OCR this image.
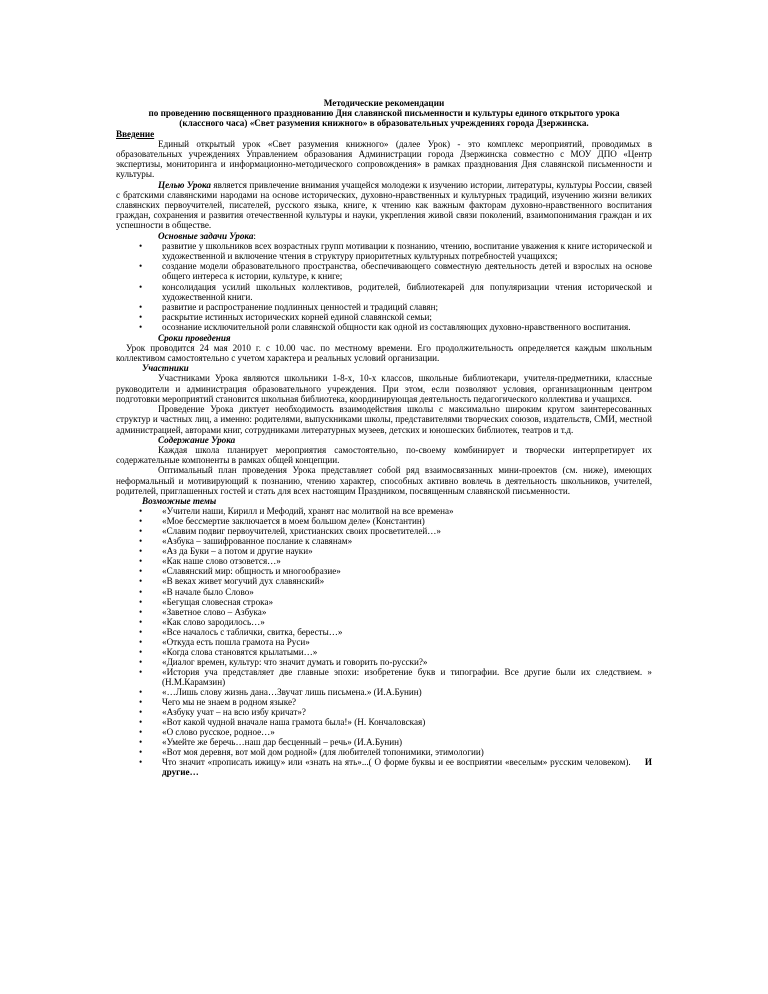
Методические рекомендации

по проведению посвященного празднованию Дня славянской письменности и культуры единого открытого урока

(классного часа) «Свет разумения книжного» в образовательных учреждениях города Дзержинска.

Введение

Единый открытый урок «Свет разумения книжного» (далее Урок) - это комплекс мероприятий, проводимых в образовательных учреждениях Управлением образования Администрации города Дзержинска совместно с МОУ ДПО «Центр экспертизы, мониторинга и информационно-методического сопровождения» в рамках празднования Дня славянской письменности и культуры.

Целью Урока является привлечение внимания учащейся молодежи к изучению истории, литературы, культуры России, связей с братскими славянскими народами на основе исторических, духовно-нравственных и культурных традиций, изучению жизни великих славянских первоучителей, писателей, русского языка, книге, к чтению как важным факторам духовно-нравственного воспитания граждан, сохранения и развития отечественной культуры и науки, укрепления живой связи поколений, взаимопонимания граждан и их успешности в обществе.

Основные задачи Урока:

• развитие у школьников всех возрастных групп мотивации к познанию, чтению, воспитание уважения к книге исторической и художественной и включение чтения в структуру приоритетных культурных потребностей учащихся;
• создание модели образовательного пространства, обеспечивающего совместную деятельность детей и взрослых на основе общего интереса к истории, культуре, к книге;
• консолидация усилий школьных коллективов, родителей, библиотекарей для популяризации чтения исторической и художественной книги.
• развитие и распространение подлинных ценностей и традиций славян;
• раскрытие истинных исторических корней единой славянской семьи;
• осознание исключительной роли славянской общности как одной из составляющих духовно-нравственного воспитания.

Сроки проведения

Урок проводится 24 мая 2010 г. с 10.00 час. по местному времени. Его продолжительность определяется каждым школьным коллективом самостоятельно с учетом характера и реальных условий организации.

Участники

Участниками Урока являются школьники 1-8-х, 10-х классов, школьные библиотекари, учителя-предметники, классные руководители и администрация образовательного учреждения. При этом, если позволяют условия, организационным центром подготовки мероприятий становится школьная библиотека, координирующая деятельность педагогического коллектива и учащихся.

Проведение Урока диктует необходимость взаимодействия школы с максимально широким кругом заинтересованных структур и частных лиц, а именно: родителями, выпускниками школы, представителями творческих союзов, издательств, СМИ, местной администрацией, авторами книг, сотрудниками литературных музеев, детских и юношеских библиотек, театров и т.д.

Содержание Урока

Каждая школа планирует мероприятия самостоятельно, по-своему комбинирует и творчески интерпретирует их содержательные компоненты в рамках общей концепции.

Оптимальный план проведения Урока представляет собой ряд взаимосвязанных мини-проектов (см. ниже), имеющих неформальный и мотивирующий к познанию, чтению характер, способных активно вовлечь в деятельность школьников, учителей, родителей, приглашенных гостей и стать для всех настоящим Праздником, посвященным славянской письменности.

Возможные темы

• «Учители наши, Кирилл и Мефодий, хранят нас молитвой на все времена»
• «Мое бессмертие заключается в моем большом деле» (Константин)
• «Славим подвиг первоучителей, христианских своих просветителей…»
• «Азбука – зашифрованное послание к славянам»
• «Аз да Буки – а потом и другие науки»
• «Как наше слово отзовется…»
• «Славянский мир: общность и многообразие»
• «В веках живет могучий дух славянский»
• «В начале было Слово»
• «Бегущая словесная строка»
• «Заветное слово – Азбука»
• «Как слово зародилось…»
• «Все началось с таблички, свитка, бересты…»
• «Откуда есть пошла грамота на Руси»
• «Когда слова становятся крылатыми…»
• «Диалог времен, культур: что значит думать и говорить по-русски?»
• «История уча представляет две главные эпохи: изобретение букв и типографии. Все другие были их следствием. » (Н.М.Карамзин)
• «…Лишь слову жизнь дана…Звучат лишь письмена.» (И.А.Бунин)
• Чего мы не знаем в родном языке?
• «Азбуку учат – на всю избу кричат»?
• «Вот какой чудной вначале наша грамота была!» (Н. Кончаловская)
• «О слово русское, родное…»
• «Умейте же беречь…наш дар бесценный – речь» (И.А.Бунин)
• «Вот моя деревня, вот мой дом родной» (для любителей топонимики, этимологии)
• Что значит «прописать ижицу» или «знать на ять»...( О форме буквы и ее восприятии «веселым» русским человеком). И другие…
